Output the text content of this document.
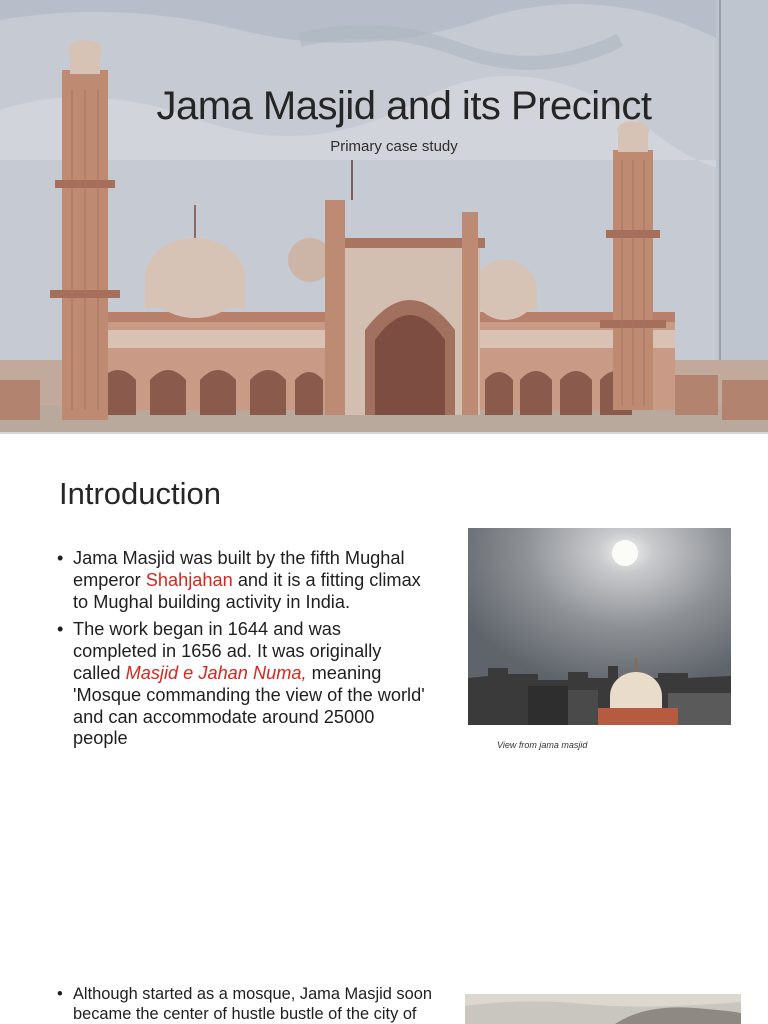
Jama Masjid and its Precinct
Primary case study
Introduction
• Jama Masjid was built by the fifth Mughal emperor Shahjahan and it is a fitting climax to Mughal building activity in India.
• The work began in 1644 and was completed in 1656 ad. It was originally called Masjid e Jahan Numa, meaning 'Mosque commanding the view of the world' and can accommodate around 25000 people	View from jama masjid
• Although started as a mosque, Jama Masjid soon became the center of hustle bustle of the city of
